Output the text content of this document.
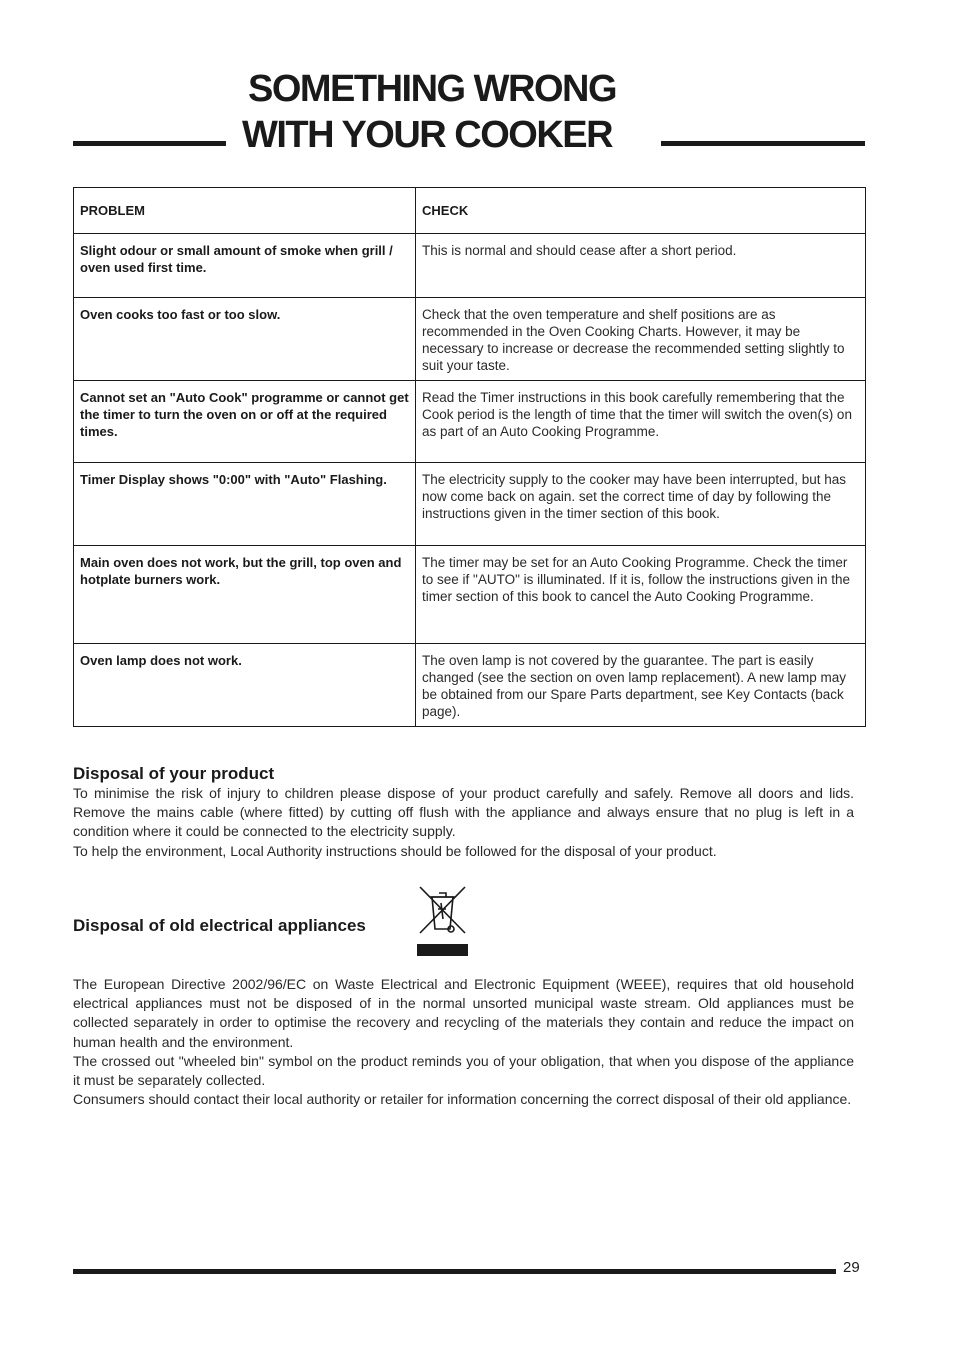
SOMETHING WRONG
WITH YOUR COOKER
PROBLEM	CHECK
Slight odour or small amount of smoke when grill / oven used first time.	This is normal and should cease after a short period.
Oven cooks too fast or too slow.	Check that the oven temperature and shelf positions are as recommended in the Oven Cooking Charts. However, it may be necessary to increase or decrease the recommended setting slightly to suit your taste.
Cannot set an "Auto Cook" programme or cannot get the timer to turn the oven on or off at the required times.	Read the Timer instructions in this book carefully remembering that the Cook period is the length of time that the timer will switch the oven(s) on as part of an Auto Cooking Programme.
Timer Display shows "0:00" with "Auto" Flashing.	The electricity supply to the cooker may have been interrupted, but has now come back on again. set the correct time of day by following the instructions given in the timer section of this book.
Main oven does not work, but the grill, top oven and hotplate burners work.	The timer may be set for an Auto Cooking Programme. Check the timer to see if "AUTO" is illuminated. If it is, follow the instructions given in the timer section of this book to cancel the Auto Cooking Programme.
Oven lamp does not work.	The oven lamp is not covered by the guarantee. The part is easily changed (see the section on oven lamp replacement). A new lamp may be obtained from our Spare Parts department, see Key Contacts (back page).
Disposal of your product

To minimise the risk of injury to children please dispose of your product carefully and safely. Remove all doors and lids. Remove the mains cable (where fitted) by cutting off flush with the appliance and always ensure that no plug is left in a condition where it could be connected to the electricity supply.

To help the environment, Local Authority instructions should be followed for the disposal of your product.

Disposal of old electrical appliances

The European Directive 2002/96/EC on Waste Electrical and Electronic Equipment (WEEE), requires that old household electrical appliances must not be disposed of in the normal unsorted municipal waste stream. Old appliances must be collected separately in order to optimise the recovery and recycling of the materials they contain and reduce the impact on human health and the environment.

The crossed out "wheeled bin" symbol on the product reminds you of your obligation, that when you dispose of the appliance it must be separately collected.

Consumers should contact their local authority or retailer for information concerning the correct disposal of their old appliance.

29
